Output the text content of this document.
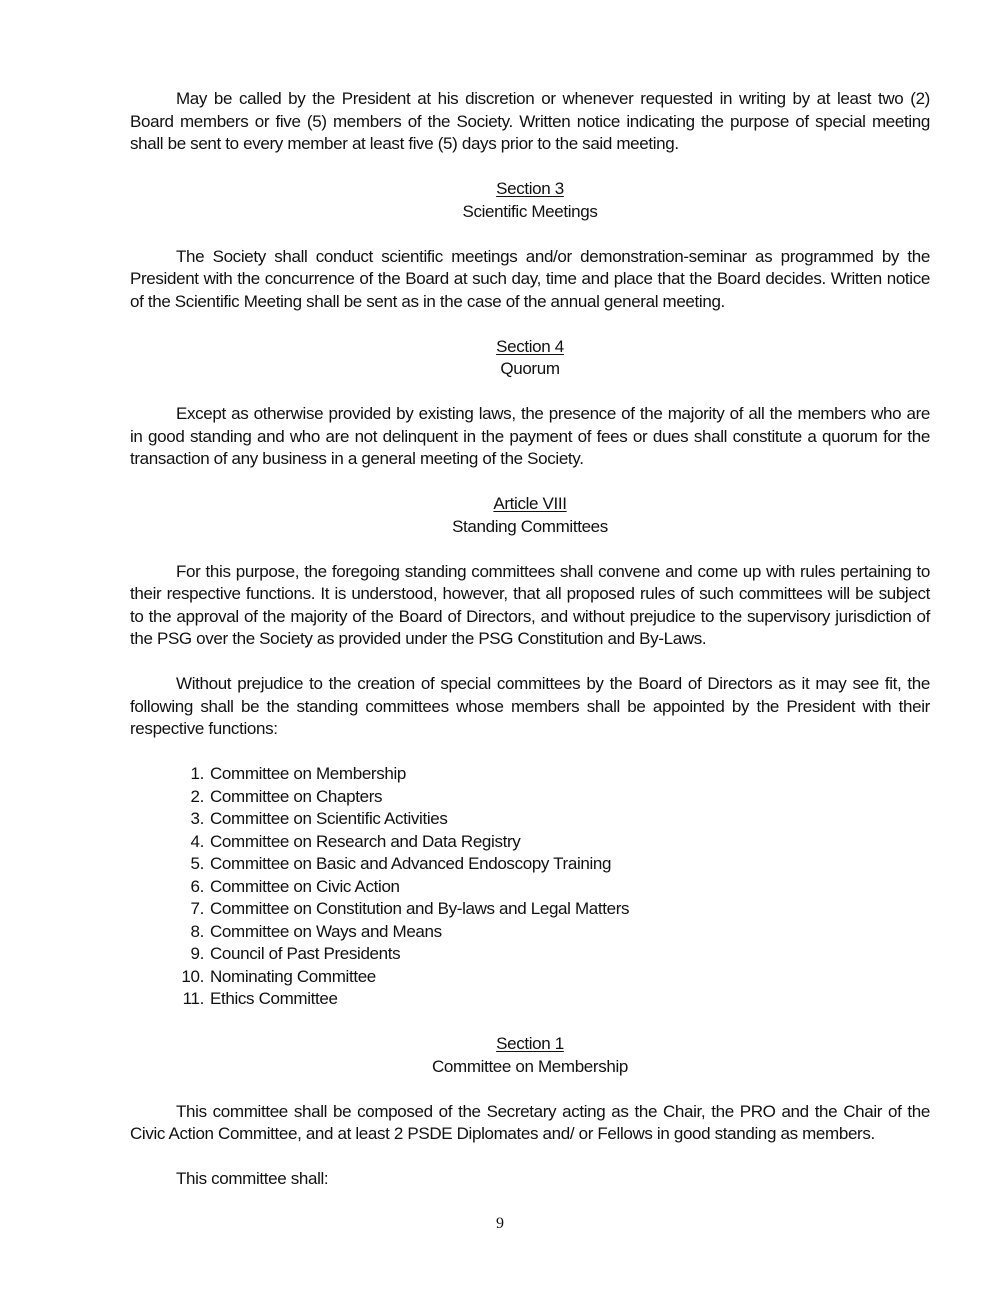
May be called by the President at his discretion or whenever requested in writing by at least two (2) Board members or five (5) members of the Society. Written notice indicating the purpose of special meeting shall be sent to every member at least five (5) days prior to the said meeting.

Section 3

Scientific Meetings

The Society shall conduct scientific meetings and/or demonstration-seminar as programmed by the President with the concurrence of the Board at such day, time and place that the Board decides. Written notice of the Scientific Meeting shall be sent as in the case of the annual general meeting.

Section 4

Quorum

Except as otherwise provided by existing laws, the presence of the majority of all the members who are in good standing and who are not delinquent in the payment of fees or dues shall constitute a quorum for the transaction of any business in a general meeting of the Society.

Article VIII

Standing Committees

For this purpose, the foregoing standing committees shall convene and come up with rules pertaining to their respective functions. It is understood, however, that all proposed rules of such committees will be subject to the approval of the majority of the Board of Directors, and without prejudice to the supervisory jurisdiction of the PSG over the Society as provided under the PSG Constitution and By-Laws.

Without prejudice to the creation of special committees by the Board of Directors as it may see fit, the following shall be the standing committees whose members shall be appointed by the President with their respective functions:

1. Committee on Membership
2. Committee on Chapters
3. Committee on Scientific Activities
4. Committee on Research and Data Registry
5. Committee on Basic and Advanced Endoscopy Training
6. Committee on Civic Action
7. Committee on Constitution and By-laws and Legal Matters
8. Committee on Ways and Means
9. Council of Past Presidents
10. Nominating Committee
11. Ethics Committee

Section 1

Committee on Membership

This committee shall be composed of the Secretary acting as the Chair, the PRO and the Chair of the Civic Action Committee, and at least 2 PSDE Diplomates and/ or Fellows in good standing as members.

This committee shall:

9
